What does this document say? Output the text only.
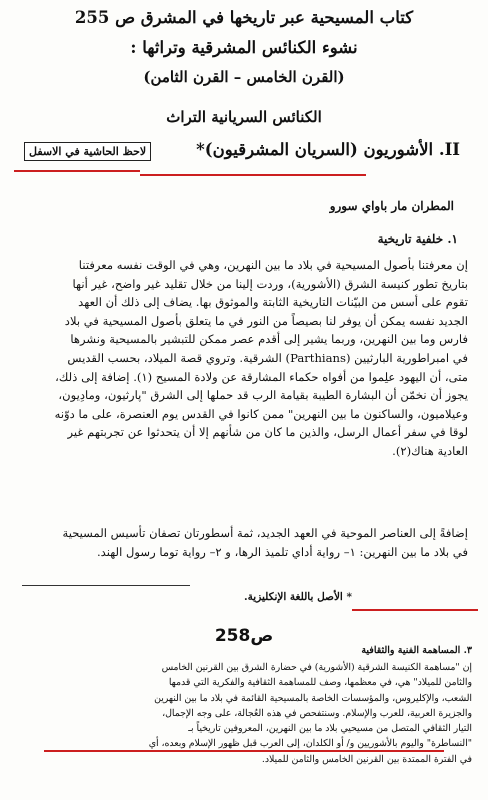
كتاب المسيحية عبر تاريخها في المشرق ص 255
نشوء الكنائس المشرقية وتراثها :
(القرن الخامس – القرن الثامن)
الكنائس السريانية التراث
II. الأشوريون (السريان المشرقيون)*
لاحظ الحاشية في الاسفل
المطران مار باواي سورو
١. خلفية تاريخية
إن معرفتنا بأصول المسيحية في بلاد ما بين النهرين، وهي في الوقت نفسه معرفتنا
بتاريخ تطور كنيسة الشرق (الأشورية)، وردت إلينا من خلال تقليد غير واضح، غير أنها
تقوم على أسس من البيّنات التاريخية الثابتة والموثوق بها. يضاف إلى ذلك أن العهد
الجديد نفسه يمكن أن يوفر لنا بصيصاً من النور في ما يتعلق بأصول المسيحية في بلاد
فارس وما بين النهرين، وربما يشير إلى أقدم عصر ممكن للتبشير بالمسيحية ونشرها
في امبراطورية البارثيين (Parthians) الشرقية. وتروي قصة الميلاد، بحسب القديس
متى، أن اليهود علِموا من أفواه حكماء المشارقة عن ولادة المسيح (١). إضافة إلى ذلك،
يجوز أن نخمّن أن البشارة الطيبة بقيامة الرب قد حملها إلى الشرق "پارثيون، ومادِيون،
وعيلاميون، والساكنون ما بين النهرين" ممن كانوا في القدس يوم العنصرة، على ما دوّنه
لوقا في سفر أعمال الرسل، والذين ما كان من شأنهم إلا أن يتحدثوا عن تجربتهم غير
العادية هناك(٢).
إضافةً إلى العناصر الموحية في العهد الجديد، ثمة أسطورتان تصفان تأسيس المسيحية
في بلاد ما بين النهرين: ١– رواية أداي تلميذ الرها، و ٢– رواية توما رسول الهند.
* الأصل باللغة الإنكليزية.
ص258
٣. المساهمة الفنية والثقافية
إن "مساهمة الكنيسة الشرقية (الأشورية) في حضارة الشرق بين القرنين الخامس
والثامن للميلاد" هي، في معظمها، وصف للمساهمة الثقافية والفكرية التي قدمها
الشعب، والإكليروس، والمؤسسات الخاصة بالمسيحية القائمة في بلاد ما بين النهرين
والجزيرة العربية، للعرب والإسلام. وسنتفحص في هذه العُجالة، على وجه الإجمال،
التيار الثقافي المتصل من مسيحيي بلاد ما بين النهرين، المعروفين تاريخياً بـ
"النساطرة" واليوم بالأشوريين و/ أو الكلدان، إلى العرب قبل ظهور الإسلام وبعده، أي
في الفترة الممتدة بين القرنين الخامس والثامن للميلاد.
